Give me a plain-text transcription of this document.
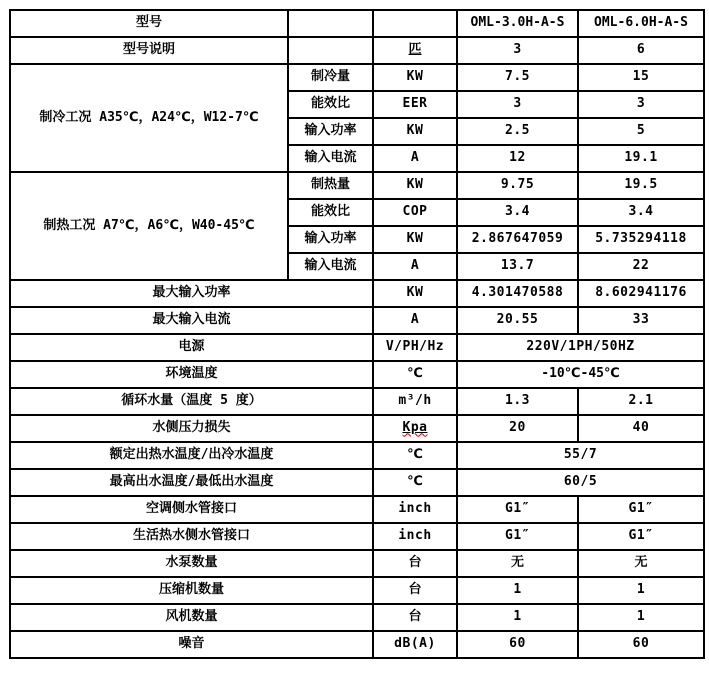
型号			OML-3.0H-A-S	OML-6.0H-A-S
型号说明		匹	3	6
制冷工况 A35℃，A24℃，W12-7℃	制冷量	KW	7.5	15
	能效比	EER	3	3
	输入功率	KW	2.5	5
	输入电流	A	12	19.1
制热工况 A7℃，A6℃，W40-45℃	制热量	KW	9.75	19.5
	能效比	COP	3.4	3.4
	输入功率	KW	2.867647059	5.735294118
	输入电流	A	13.7	22
最大输入功率		KW	4.301470588	8.602941176
最大输入电流		A	20.55	33
电源		V/PH/Hz	220V/1PH/50HZ	
环境温度		℃	-10℃-45℃	
循环水量（温度 5 度）		m³/h	1.3	2.1
水侧压力损失		Kpa	20	40
额定出热水温度/出冷水温度		℃	55/7	
最高出水温度/最低出水温度		℃	60/5	
空调侧水管接口		inch	G1″	G1″
生活热水侧水管接口		inch	G1″	G1″
水泵数量		台	无	无
压缩机数量		台	1	1
风机数量		台	1	1
噪音		dB(A)	60	60
